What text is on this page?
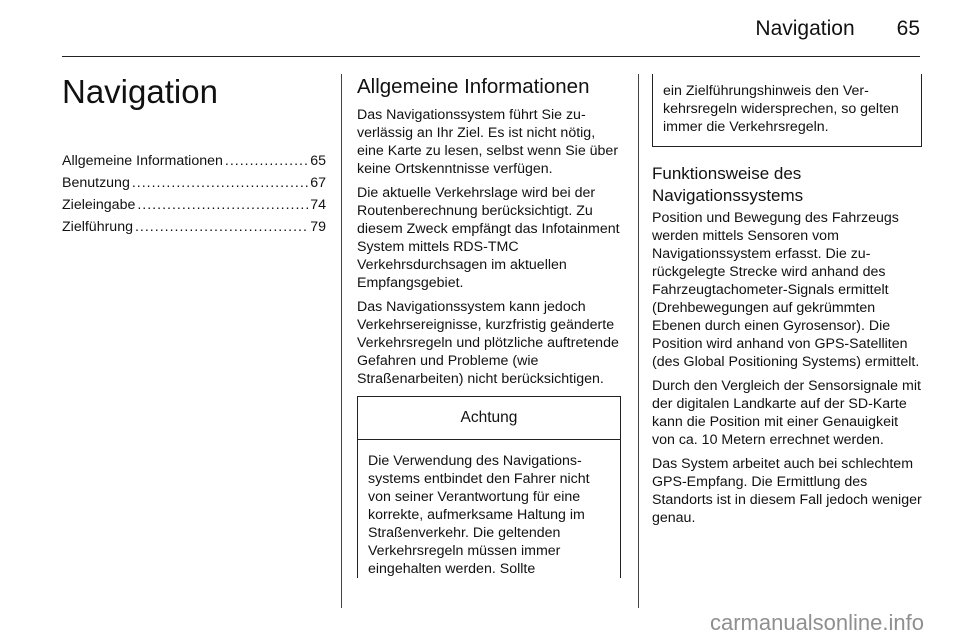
Navigation 65
Navigation
Allgemeine Informationen .....	65
Benutzung .....	67
Zieleingabe .....	74
Zielführung .....	79
Allgemeine Informationen

Das Navigationssystem führt Sie zuverlässig an Ihr Ziel. Es ist nicht nötig, eine Karte zu lesen, selbst wenn Sie über keine Ortskenntnisse verfügen.

Die aktuelle Verkehrslage wird bei der Routenberechnung berücksichtigt. Zu diesem Zweck empfängt das Infotainment System mittels RDS-TMC Verkehrsdurchsagen im aktuellen Empfangsgebiet.

Das Navigationssystem kann jedoch Verkehrsereignisse, kurzfristig geänderte Verkehrsregeln und plötzliche auftretende Gefahren und Probleme (wie Straßenarbeiten) nicht berücksichtigen.

Achtung

Die Verwendung des Navigationssystems entbindet den Fahrer nicht von seiner Verantwortung für eine korrekte, aufmerksame Haltung im Straßenverkehr. Die geltenden Verkehrsregeln müssen immer eingehalten werden. Sollte

ein Zielführungshinweis den Verkehrsregeln widersprechen, so gelten immer die Verkehrsregeln.

Funktionsweise des Navigationssystems

Position und Bewegung des Fahrzeugs werden mittels Sensoren vom Navigationssystem erfasst. Die zurückgelegte Strecke wird anhand des Fahrzeugtachometer-Signals ermittelt (Drehbewegungen auf gekrümmten Ebenen durch einen Gyrosensor). Die Position wird anhand von GPS-Satelliten (des Global Positioning Systems) ermittelt.

Durch den Vergleich der Sensorsignale mit der digitalen Landkarte auf der SD-Karte kann die Position mit einer Genauigkeit von ca. 10 Metern errechnet werden.

Das System arbeitet auch bei schlechtem GPS-Empfang. Die Ermittlung des Standorts ist in diesem Fall jedoch weniger genau.

carmanualsonline.info
